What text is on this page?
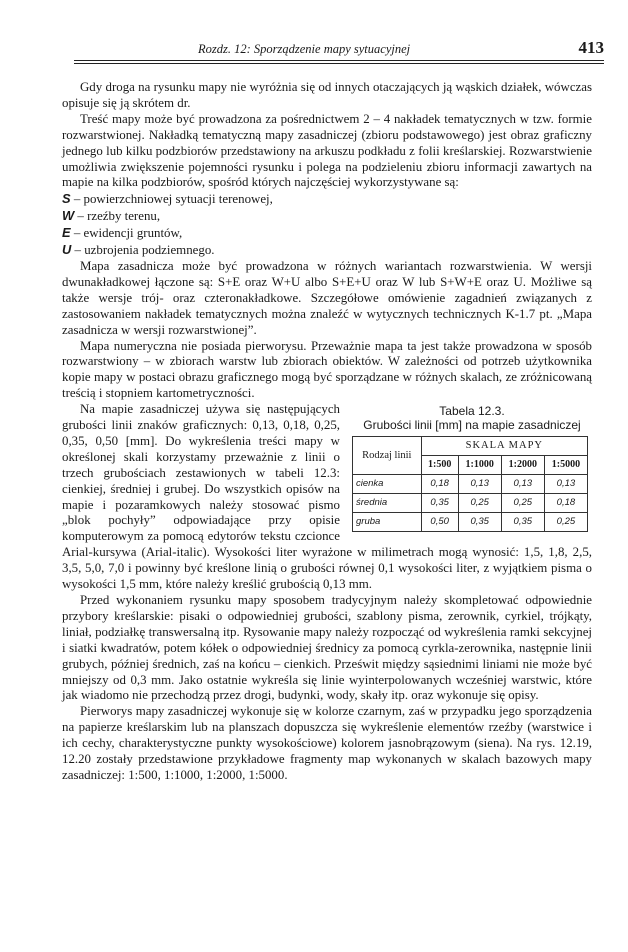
Rozdz. 12: Sporządzenie mapy sytuacyjnej	413

Gdy droga na rysunku mapy nie wyróżnia się od innych otaczających ją wąskich działek, wówczas opisuje się ją skrótem dr.

Treść mapy może być prowadzona za pośrednictwem 2 – 4 nakładek tematycznych w tzw. formie rozwarstwionej. Nakładką tematyczną mapy zasadniczej (zbioru podstawowego) jest obraz graficzny jednego lub kilku podzbiorów przedstawiony na arkuszu podkładu z folii kreślarskiej. Rozwarstwienie umożliwia zwiększenie pojemności rysunku i polega na podzieleniu zbioru informacji zawartych na mapie na kilka podzbiorów, spośród których najczęściej wykorzystywane są:

S – powierzchniowej sytuacji terenowej,
W – rzeźby terenu,
E – ewidencji gruntów,
U – uzbrojenia podziemnego.

Mapa zasadnicza może być prowadzona w różnych wariantach rozwarstwienia. W wersji dwunakładkowej łączone są: S+E oraz W+U albo S+E+U oraz W lub S+W+E oraz U. Możliwe są także wersje trój- oraz czteronakładkowe. Szczegółowe omówienie zagadnień związanych z zastosowaniem nakładek tematycznych można znaleźć w wytycznych technicznych K-1.7 pt. „Mapa zasadnicza w wersji rozwarstwionej”.

Mapa numeryczna nie posiada pierworysu. Przeważnie mapa ta jest także prowadzona w sposób rozwarstwiony – w zbiorach warstw lub zbiorach obiektów. W zależności od potrzeb użytkownika kopie mapy w postaci obrazu graficznego mogą być sporządzane w różnych skalach, ze zróżnicowaną treścią i stopniem kartometryczności.

Tabela 12.3.
Grubości linii [mm] na mapie zasadniczej
Rodzaj linii	SKALA MAPY			
	1:500	1:1000	1:2000	1:5000
cienka	0,18	0,13	0,13	0,13
średnia	0,35	0,25	0,25	0,18
gruba	0,50	0,35	0,35	0,25

Na mapie zasadniczej używa się następujących grubości linii znaków graficznych: 0,13, 0,18, 0,25, 0,35, 0,50 [mm]. Do wykreślenia treści mapy w określonej skali korzystamy przeważnie z linii o trzech grubościach zestawionych w tabeli 12.3: cienkiej, średniej i grubej. Do wszystkich opisów na mapie i pozaramkowych należy stosować pismo „blok pochyły” odpowiadające przy opisie komputerowym za pomocą edytorów tekstu czcionce Arial-kursywa (Arial-italic). Wysokości liter wyrażone w milimetrach mogą wynosić: 1,5, 1,8, 2,5, 3,5, 5,0, 7,0 i powinny być kreślone linią o grubości równej 0,1 wysokości liter, z wyjątkiem pisma o wysokości 1,5 mm, które należy kreślić grubością 0,13 mm.

Przed wykonaniem rysunku mapy sposobem tradycyjnym należy skompletować odpowiednie przybory kreślarskie: pisaki o odpowiedniej grubości, szablony pisma, zerownik, cyrkiel, trójkąty, liniał, podziałkę transwersalną itp. Rysowanie mapy należy rozpocząć od wykreślenia ramki sekcyjnej i siatki kwadratów, potem kółek o odpowiedniej średnicy za pomocą cyrkla-zerownika, następnie linii grubych, później średnich, zaś na końcu – cienkich. Prześwit między sąsiednimi liniami nie może być mniejszy od 0,3 mm. Jako ostatnie wykreśla się linie wyinterpolowanych wcześniej warstwic, które jak wiadomo nie przechodzą przez drogi, budynki, wody, skały itp. oraz wykonuje się opisy.

Pierworys mapy zasadniczej wykonuje się w kolorze czarnym, zaś w przypadku jego sporządzenia na papierze kreślarskim lub na planszach dopuszcza się wykreślenie elementów rzeźby (warstwice i ich cechy, charakterystyczne punkty wysokościowe) kolorem jasnobrązowym (siena). Na rys. 12.19, 12.20 zostały przedstawione przykładowe fragmenty map wykonanych w skalach bazowych mapy zasadniczej: 1:500, 1:1000, 1:2000, 1:5000.
